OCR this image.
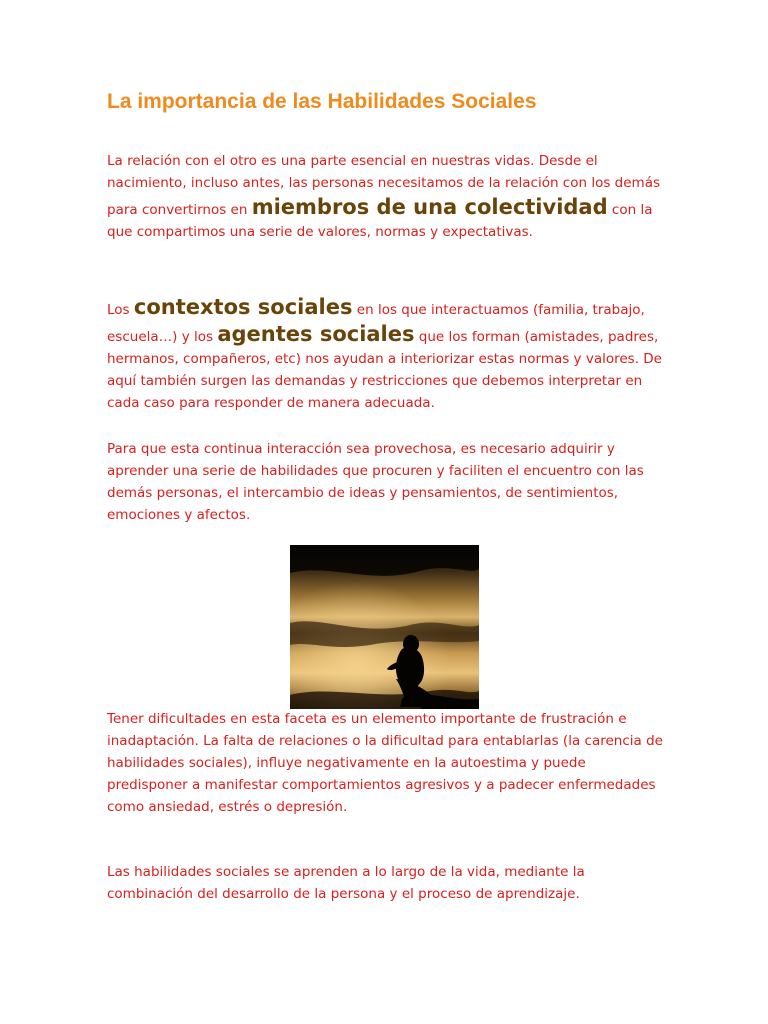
La importancia de las Habilidades Sociales

La relación con el otro es una parte esencial en nuestras vidas. Desde el nacimiento, incluso antes, las personas necesitamos de la relación con los demás para convertirnos en miembros de una colectividad con la que compartimos una serie de valores, normas y expectativas.

Los contextos sociales en los que interactuamos (familia, trabajo, escuela…) y los agentes sociales que los forman (amistades, padres, hermanos, compañeros, etc) nos ayudan a interiorizar estas normas y valores. De aquí también surgen las demandas y restricciones que debemos interpretar en cada caso para responder de manera adecuada.

Para que esta continua interacción sea provechosa, es necesario adquirir y aprender una serie de habilidades que procuren y faciliten el encuentro con las demás personas, el intercambio de ideas y pensamientos, de sentimientos, emociones y afectos.

Tener dificultades en esta faceta es un elemento importante de frustración e inadaptación. La falta de relaciones o la dificultad para entablarlas (la carencia de habilidades sociales), influye negativamente en la autoestima y puede predisponer a manifestar comportamientos agresivos y a padecer enfermedades como ansiedad, estrés o depresión.

Las habilidades sociales se aprenden a lo largo de la vida, mediante la combinación del desarrollo de la persona y el proceso de aprendizaje.
